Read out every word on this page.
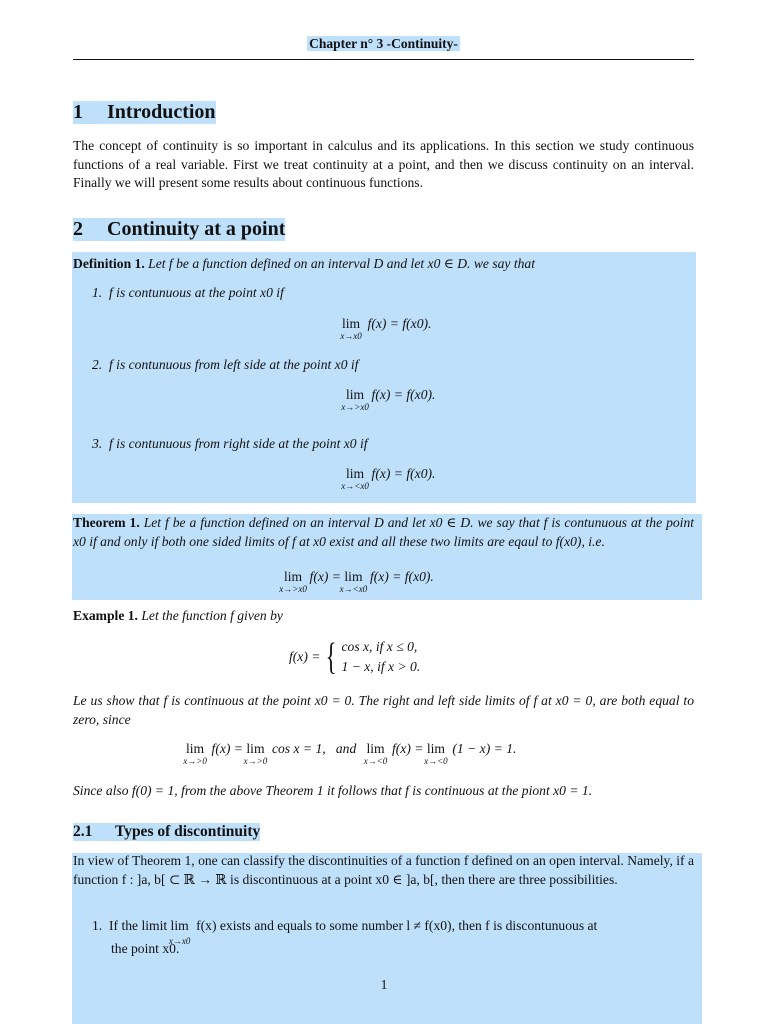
Chapter n° 3 -Continuity-
1 Introduction
The concept of continuity is so important in calculus and its applications. In this section we study continuous functions of a real variable. First we treat continuity at a point, and then we discuss continuity on an interval. Finally we will present some results about continuous functions.
2 Continuity at a point
Definition 1. Let f be a function defined on an interval D and let x0 ∈ D. we say that
1. f is contunuous at the point x0 if
lim
x→x0
f(x) = f(x0).
2. f is contunuous from left side at the point x0 if
lim
x→>x0
f(x) = f(x0).
3. f is contunuous from right side at the point x0 if
lim
x→<x0
f(x) = f(x0).
Theorem 1. Let f be a function defined on an interval D and let x0 ∈ D. we say that f is contunuous at the point x0 if and only if both one sided limits of f at x0 exist and all these two limits are eqaul to f(x0), i.e.
lim
x→>x0
f(x) = lim
x→<x0
f(x) = f(x0).
Example 1. Let the function f given by
f(x) = { cos x, if x ≤ 0,
1 − x, if x > 0.
Le us show that f is continuous at the point x0 = 0. The right and left side limits of f at x0 = 0, are both equal to zero, since
lim
x→>0
f(x) = lim
x→>0
cos x = 1, and lim
x→<0
f(x) = lim
x→<0
(1 − x) = 1.
Since also f(0) = 1, from the above Theorem 1 it follows that f is continuous at the piont x0 = 1.
2.1 Types of discontinuity
In view of Theorem 1, one can classify the discontinuities of a function f defined on an open interval. Namely, if a function f : ]a, b[ ⊂ ℝ → ℝ is discontinuous at a point x0 ∈ ]a, b[, then there are three possibilities.
1. If the limit lim
x→x0
f(x) exists and equals to some number l ≠ f(x0), then f is discontunuous at
the point x0.
1
